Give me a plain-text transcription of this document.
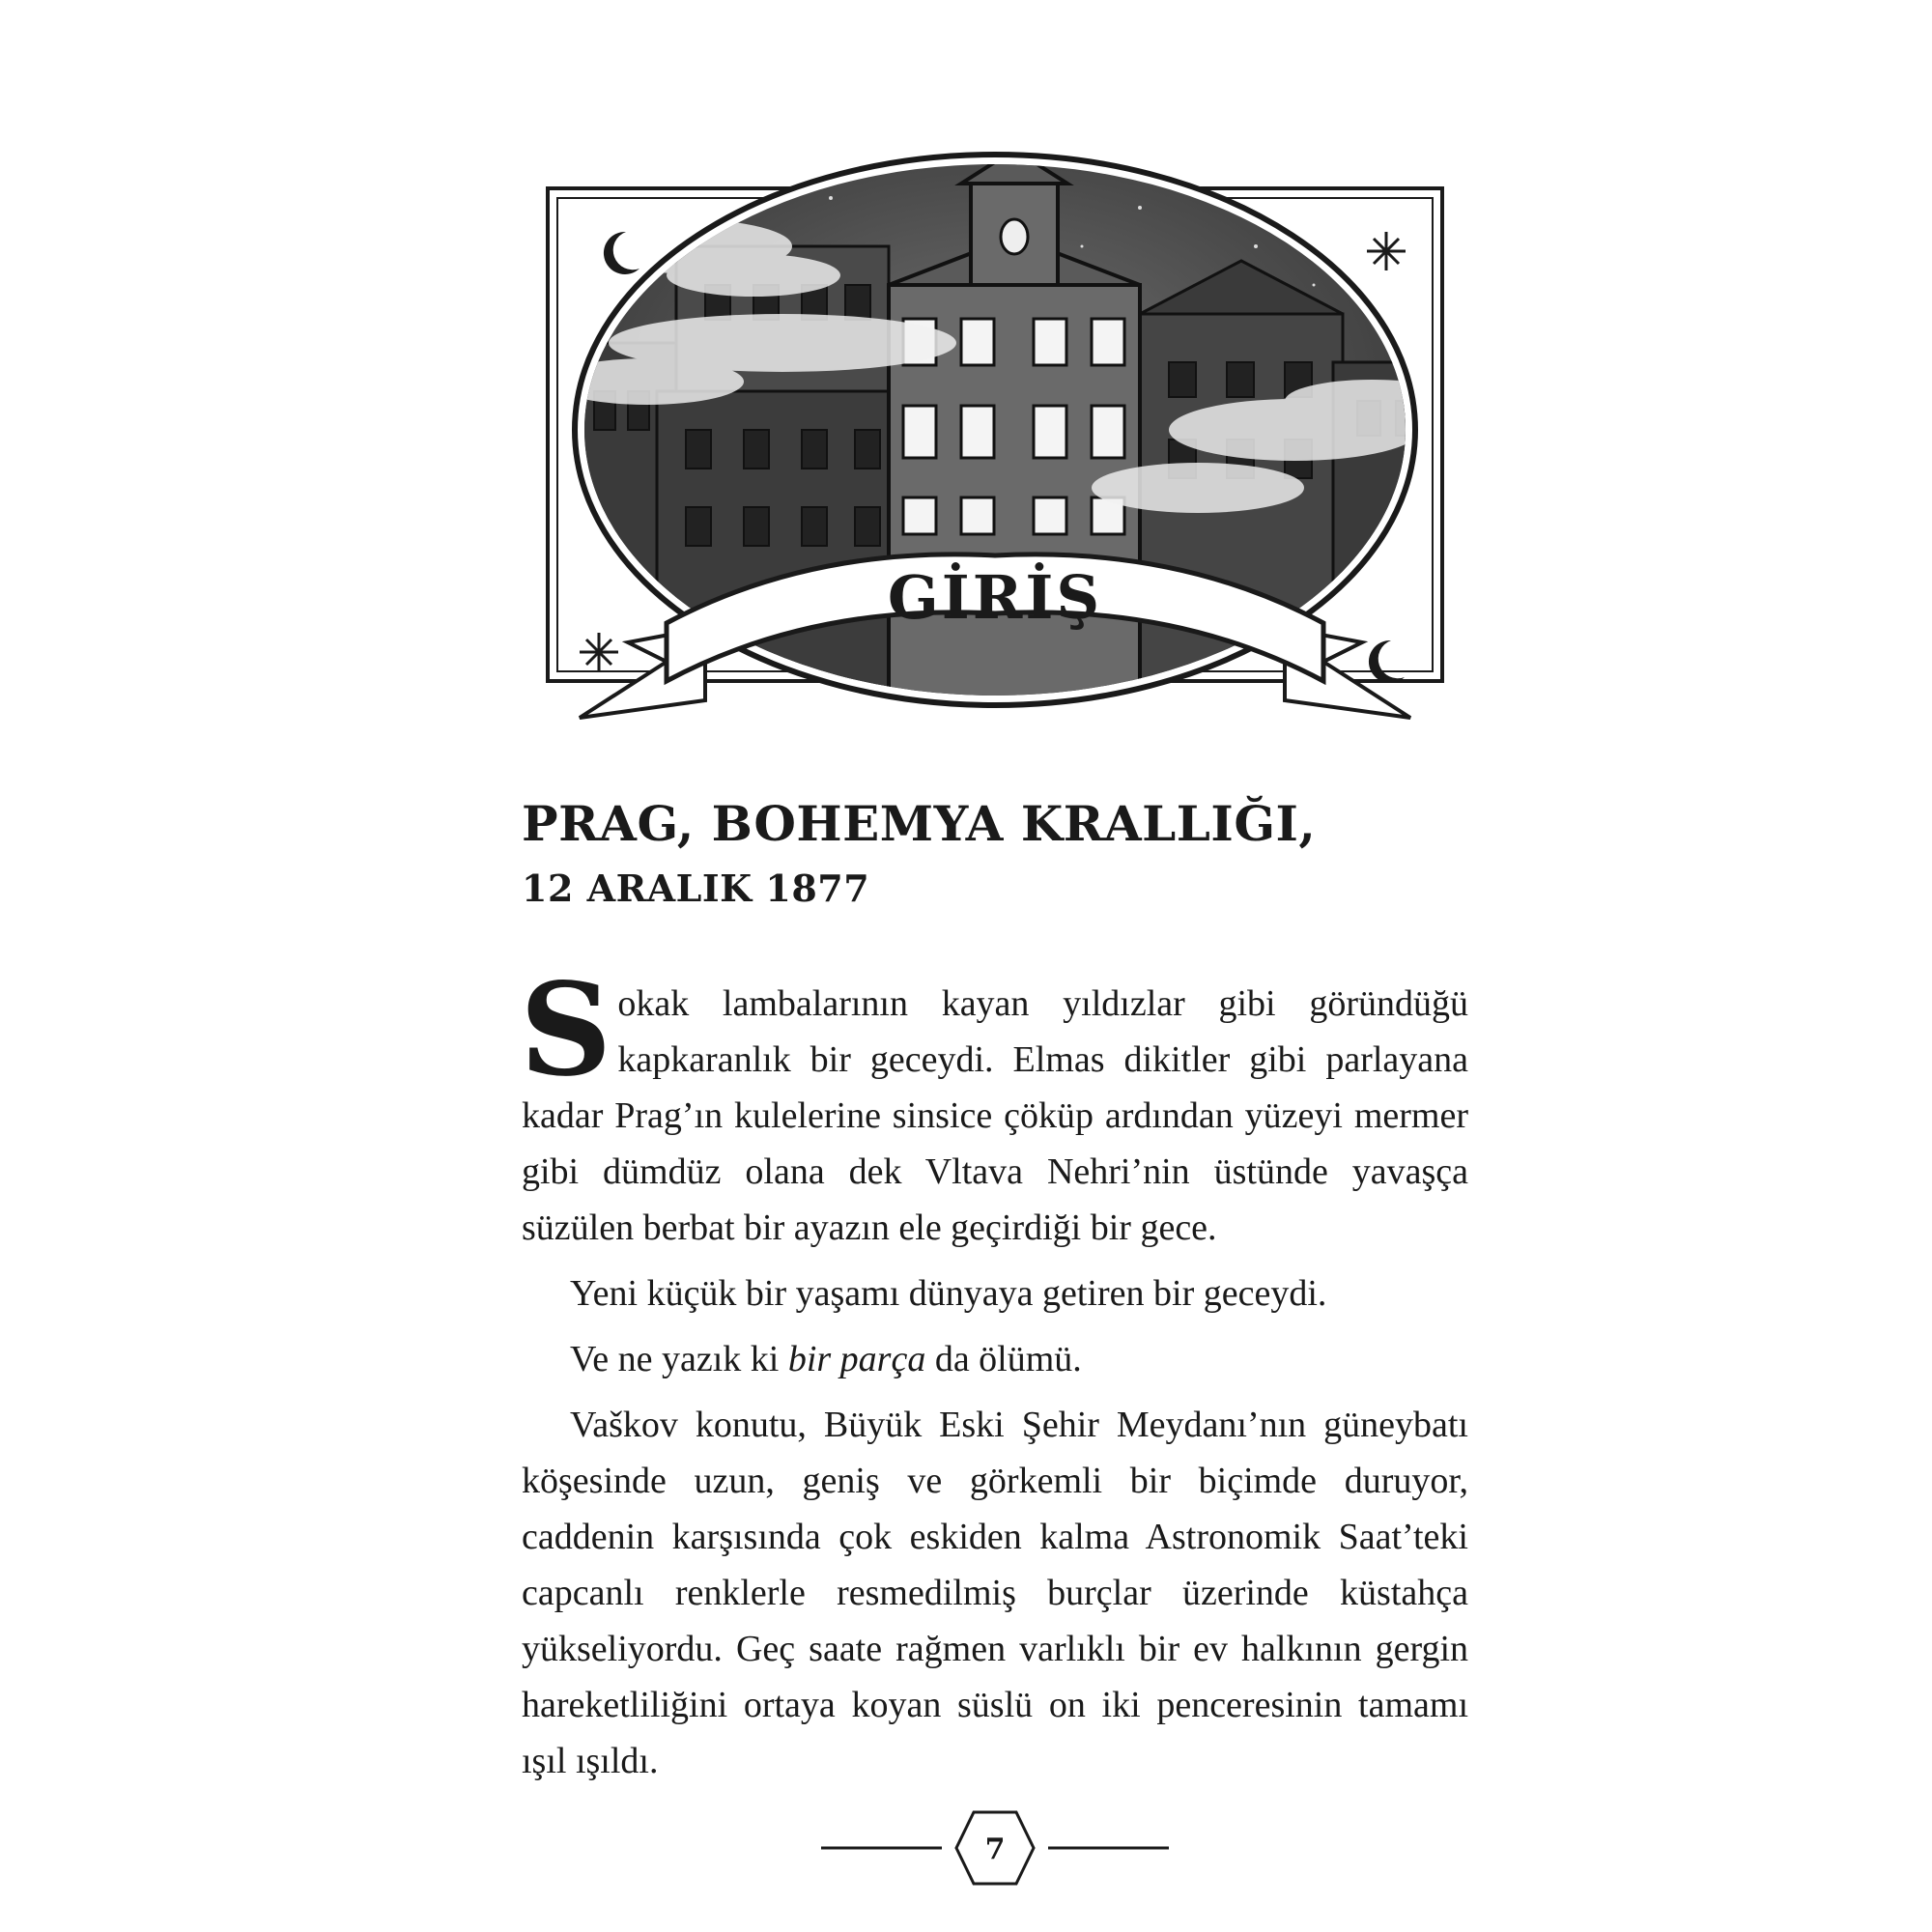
GİRİŞ
PRAG, BOHEMYA KRALLIĞI,
12 ARALIK 1877

Sokak lambalarının kayan yıldızlar gibi göründüğü kapkaranlık bir geceydi. Elmas dikitler gibi parlayana kadar Prag’ın kulelerine sinsice çöküp ardından yüzeyi mermer gibi dümdüz olana dek Vltava Nehri’nin üstünde yavaşça süzülen berbat bir ayazın ele geçirdiği bir gece.

Yeni küçük bir yaşamı dünyaya getiren bir geceydi.

Ve ne yazık ki bir parça da ölümü.

Vaškov konutu, Büyük Eski Şehir Meydanı’nın güneybatı köşesinde uzun, geniş ve görkemli bir biçimde duruyor, caddenin karşısında çok eskiden kalma Astronomik Saat’teki capcanlı renklerle resmedilmiş burçlar üzerinde küstahça yükseliyordu. Geç saate rağmen varlıklı bir ev halkının gergin hareketliliğini ortaya koyan süslü on iki penceresinin tamamı ışıl ışıldı.

7
